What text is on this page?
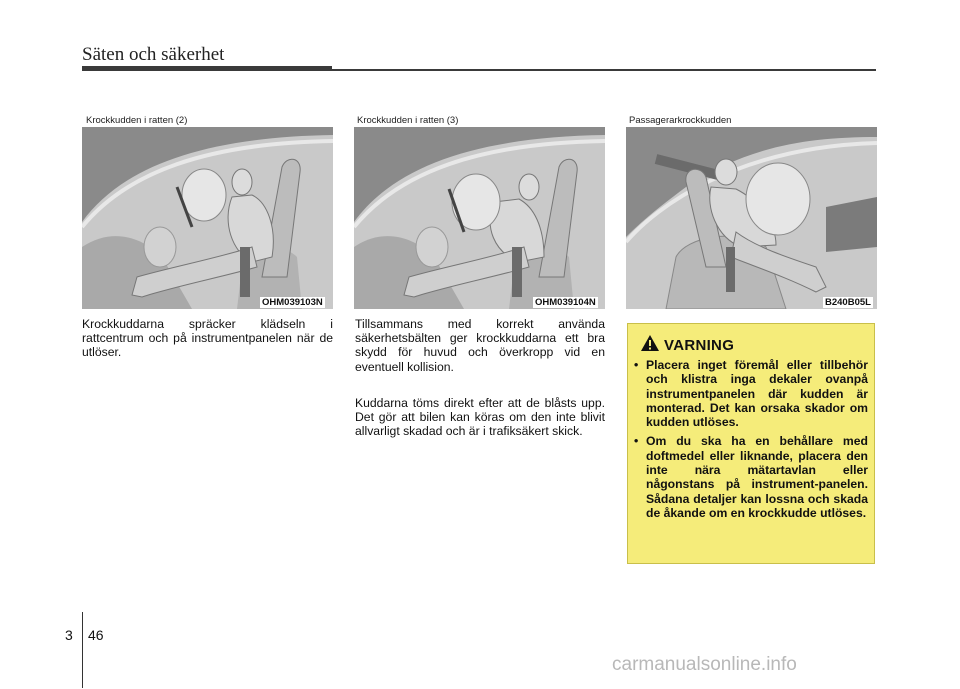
Säten och säkerhet
Krockkudden i ratten (2)
OHM039103N
Krockkudden i ratten (3)
OHM039104N
Passagerarkrockkudden
B240B05L
Krockkuddarna spräcker klädseln i rattcentrum och på instrumentpanelen när de utlöser.
Tillsammans med korrekt använda säkerhetsbälten ger krockkuddarna ett bra skydd för huvud och överkropp vid en eventuell kollision.
Kuddarna töms direkt efter att de blåsts upp. Det gör att bilen kan köras om den inte blivit allvarligt skadad och är i trafiksäkert skick.
VARNING
• Placera inget föremål eller tillbehör och klistra inga dekaler ovanpå instrumentpanelen där kudden är monterad. Det kan orsaka skador om kudden utlöses.
• Om du ska ha en behållare med doftmedel eller liknande, placera den inte nära mätartavlan eller någonstans på instrument-panelen. Sådana detaljer kan lossna och skada de åkande om en krockkudde utlöses.
3 46
carmanualsonline.info
